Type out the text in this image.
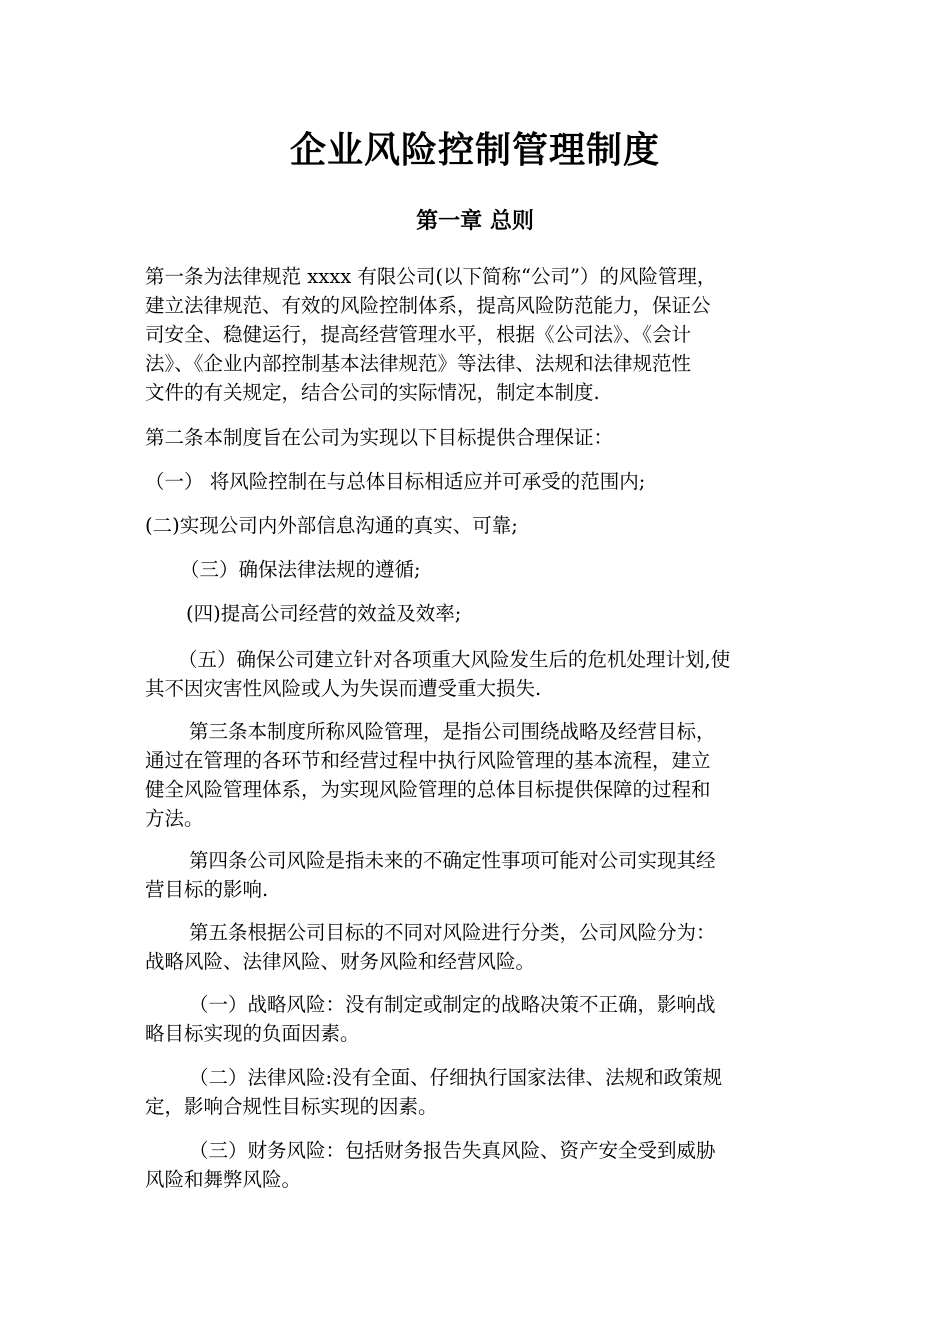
企业风险控制管理制度
第一章 总则

第一条为法律规范 xxxx 有限公司(以下简称“公司”）的风险管理，
建立法律规范、有效的风险控制体系，提高风险防范能力，保证公
司安全、稳健运行，提高经营管理水平，根据《公司法》、《会计
法》、《企业内部控制基本法律规范》等法律、法规和法律规范性
文件的有关规定，结合公司的实际情况，制定本制度.

第二条本制度旨在公司为实现以下目标提供合理保证：

（一） 将风险控制在与总体目标相适应并可承受的范围内;

(二)实现公司内外部信息沟通的真实、可靠;

（三）确保法律法规的遵循;

(四)提高公司经营的效益及效率;

（五）确保公司建立针对各项重大风险发生后的危机处理计划,使
其不因灾害性风险或人为失误而遭受重大损失.

第三条本制度所称风险管理，是指公司围绕战略及经营目标，
通过在管理的各环节和经营过程中执行风险管理的基本流程，建立
健全风险管理体系，为实现风险管理的总体目标提供保障的过程和
方法。

第四条公司风险是指未来的不确定性事项可能对公司实现其经
营目标的影响.

第五条根据公司目标的不同对风险进行分类，公司风险分为：
战略风险、法律风险、财务风险和经营风险。

（一）战略风险：没有制定或制定的战略决策不正确，影响战
略目标实现的负面因素。

（二）法律风险:没有全面、仔细执行国家法律、法规和政策规
定，影响合规性目标实现的因素。

（三）财务风险：包括财务报告失真风险、资产安全受到威胁
风险和舞弊风险。
